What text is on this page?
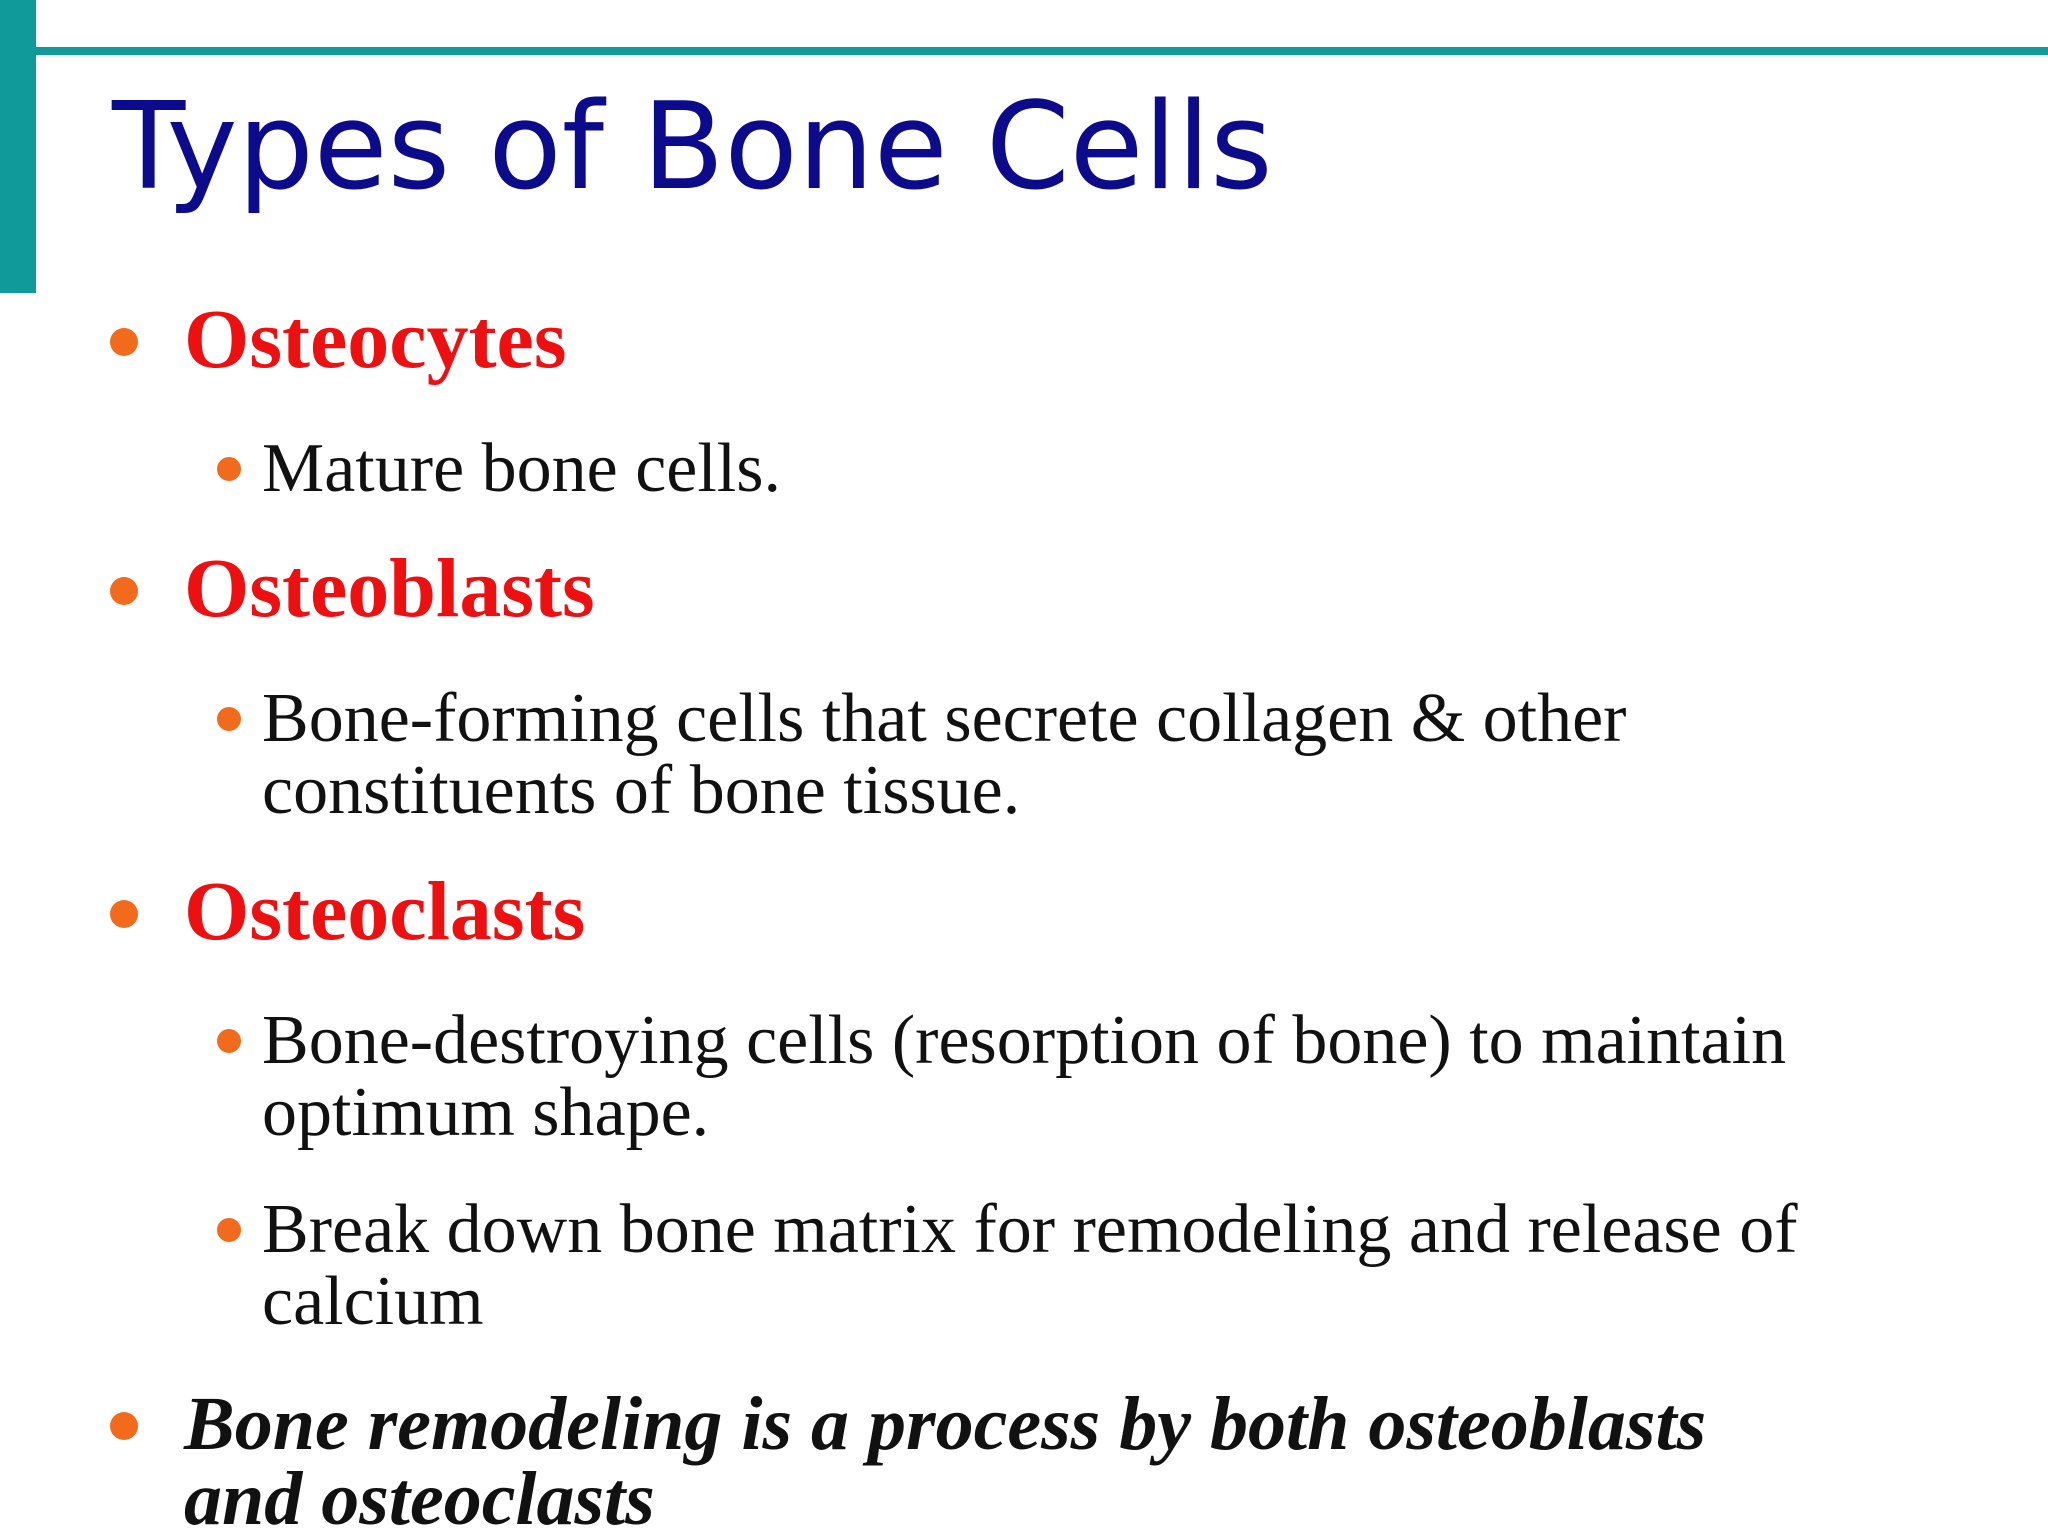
Types of Bone Cells
Osteocytes
Mature bone cells.
Osteoblasts
Bone-forming cells that secrete collagen & other
constituents of bone tissue.
Osteoclasts
Bone-destroying cells (resorption of bone) to maintain
optimum shape.
Break down bone matrix for remodeling and release of
calcium
Bone remodeling is a process by both osteoblasts
and osteoclasts
